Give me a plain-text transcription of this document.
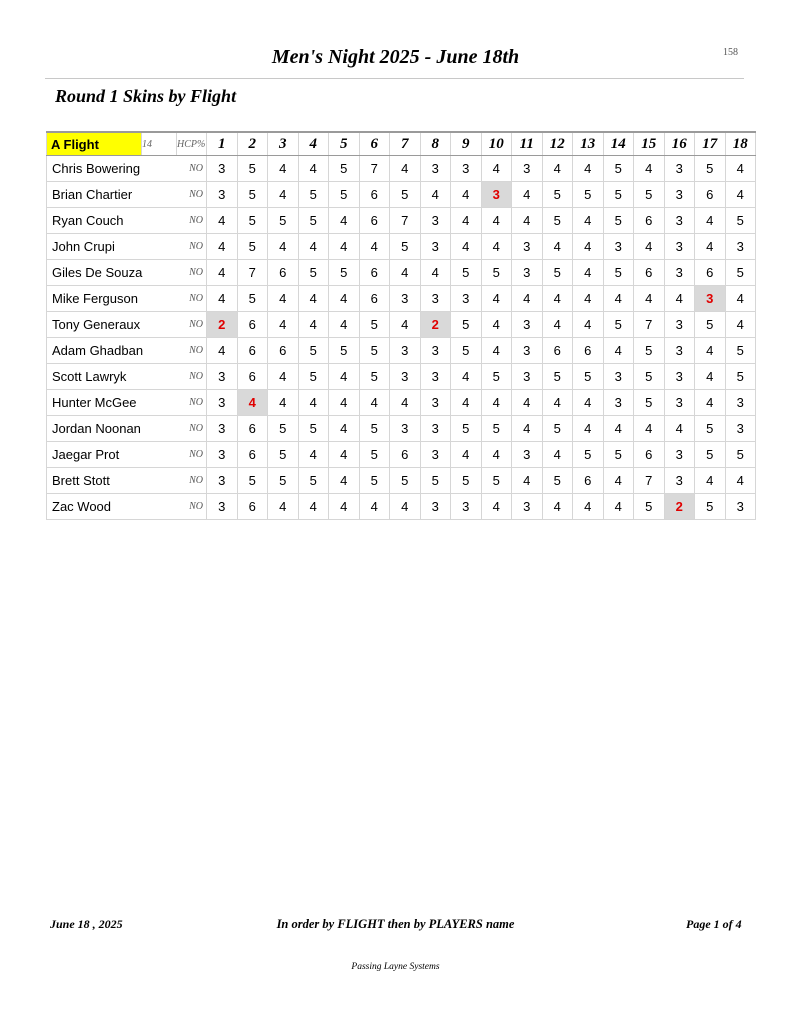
158
Men's Night 2025 - June 18th
Round 1 Skins by Flight
A Flight	14	HCP%	1	2	3	4	5	6	7	8	9	10	11	12	13	14	15	16	17	18
Chris Bowering		NO	3	5	4	4	5	7	4	3	3	4	3	4	4	5	4	3	5	4
Brian Chartier		NO	3	5	4	5	5	6	5	4	4	3	4	5	5	5	5	3	6	4
Ryan Couch		NO	4	5	5	5	4	6	7	3	4	4	4	5	4	5	6	3	4	5
John Crupi		NO	4	5	4	4	4	4	5	3	4	4	3	4	4	3	4	3	4	3
Giles De Souza		NO	4	7	6	5	5	6	4	4	5	5	3	5	4	5	6	3	6	5
Mike Ferguson		NO	4	5	4	4	4	6	3	3	3	4	4	4	4	4	4	4	3	4
Tony Generaux		NO	2	6	4	4	4	5	4	2	5	4	3	4	4	5	7	3	5	4
Adam Ghadban		NO	4	6	6	5	5	5	3	3	5	4	3	6	6	4	5	3	4	5
Scott Lawryk		NO	3	6	4	5	4	5	3	3	4	5	3	5	5	3	5	3	4	5
Hunter McGee		NO	3	4	4	4	4	4	4	3	4	4	4	4	4	3	5	3	4	3
Jordan Noonan		NO	3	6	5	5	4	5	3	3	5	5	4	5	4	4	4	4	5	3
Jaegar Prot		NO	3	6	5	4	4	5	6	3	4	4	3	4	5	5	6	3	5	5
Brett Stott		NO	3	5	5	5	4	5	5	5	5	5	4	5	6	4	7	3	4	4
Zac Wood		NO	3	6	4	4	4	4	4	3	3	4	3	4	4	4	5	2	5	3
June 18 , 2025	In order by FLIGHT then by PLAYERS name	Page 1 of 4
Passing Layne Systems
